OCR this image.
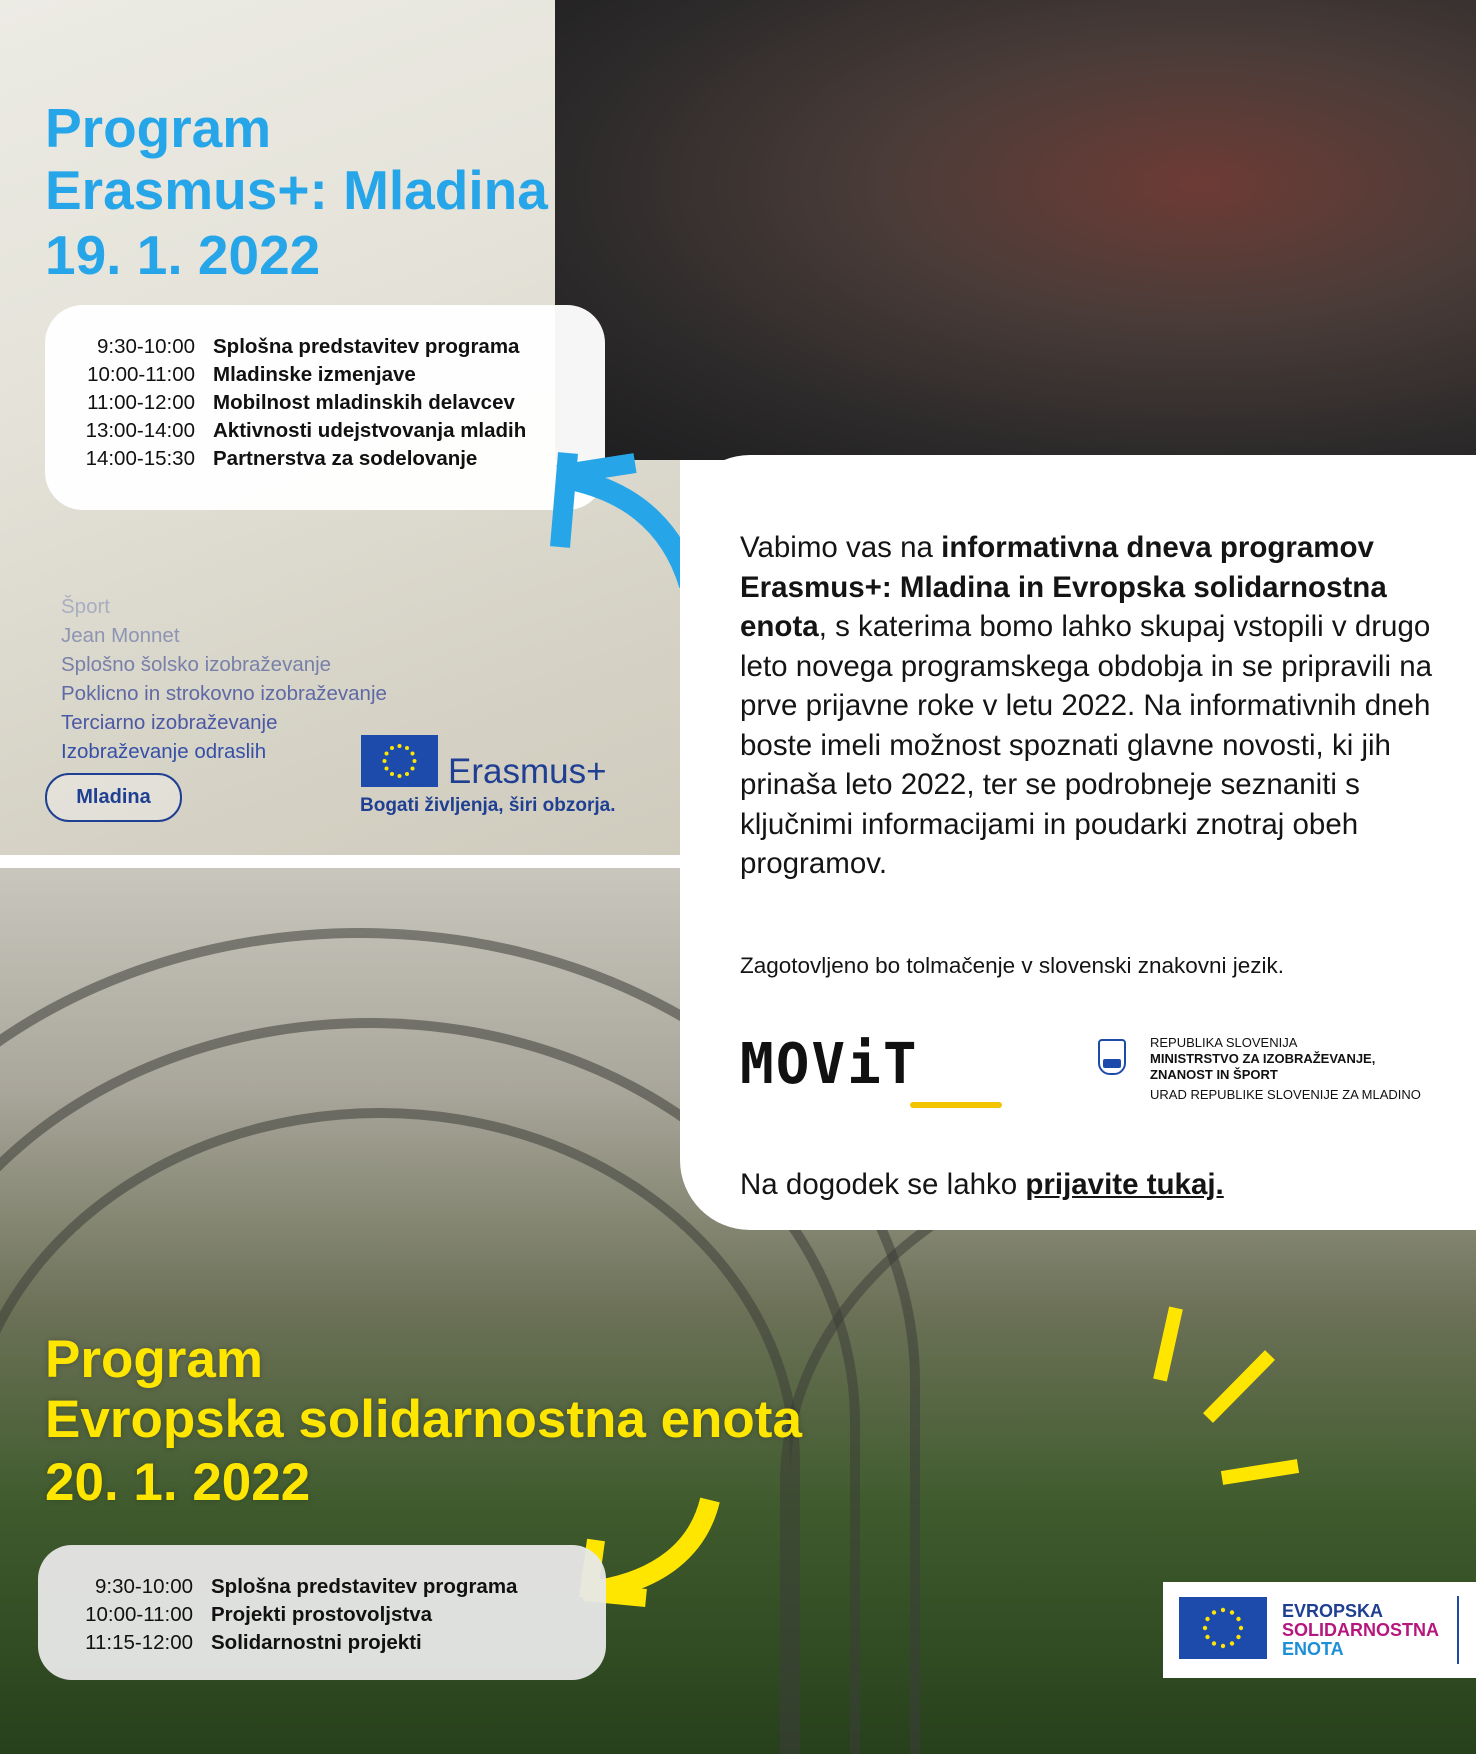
Program
Erasmus+: Mladina
19. 1. 2022
9:30-10:00 Splošna predstavitev programa
10:00-11:00 Mladinske izmenjave
11:00-12:00 Mobilnost mladinskih delavcev
13:00-14:00 Aktivnosti udejstvovanja mladih
14:00-15:30 Partnerstva za sodelovanje
Šport
Jean Monnet
Splošno šolsko izobraževanje
Poklicno in strokovno izobraževanje
Terciarno izobraževanje
Izobraževanje odraslih
Mladina
Erasmus+
Bogati življenja, širi obzorja.
Vabimo vas na informativna dneva programov Erasmus+: Mladina in Evropska solidarnostna enota, s katerima bomo lahko skupaj vstopili v drugo leto novega programskega obdobja in se pripravili na prve prijavne roke v letu 2022. Na informativnih dneh boste imeli možnost spoznati glavne novosti, ki jih prinaša leto 2022, ter se podrobneje seznaniti s ključnimi informacijami in poudarki znotraj obeh programov.
Zagotovljeno bo tolmačenje v slovenski znakovni jezik.
MOViT	REPUBLIKA SLOVENIJA
MINISTRSTVO ZA IZOBRAŽEVANJE,
ZNANOST IN ŠPORT
URAD REPUBLIKE SLOVENIJE ZA MLADINO
Na dogodek se lahko prijavite tukaj.
Program
Evropska solidarnostna enota
20. 1. 2022
9:30-10:00 Splošna predstavitev programa
10:00-11:00 Projekti prostovoljstva
11:15-12:00 Solidarnostni projekti
EVROPSKA
SOLIDARNOSTNA
ENOTA
